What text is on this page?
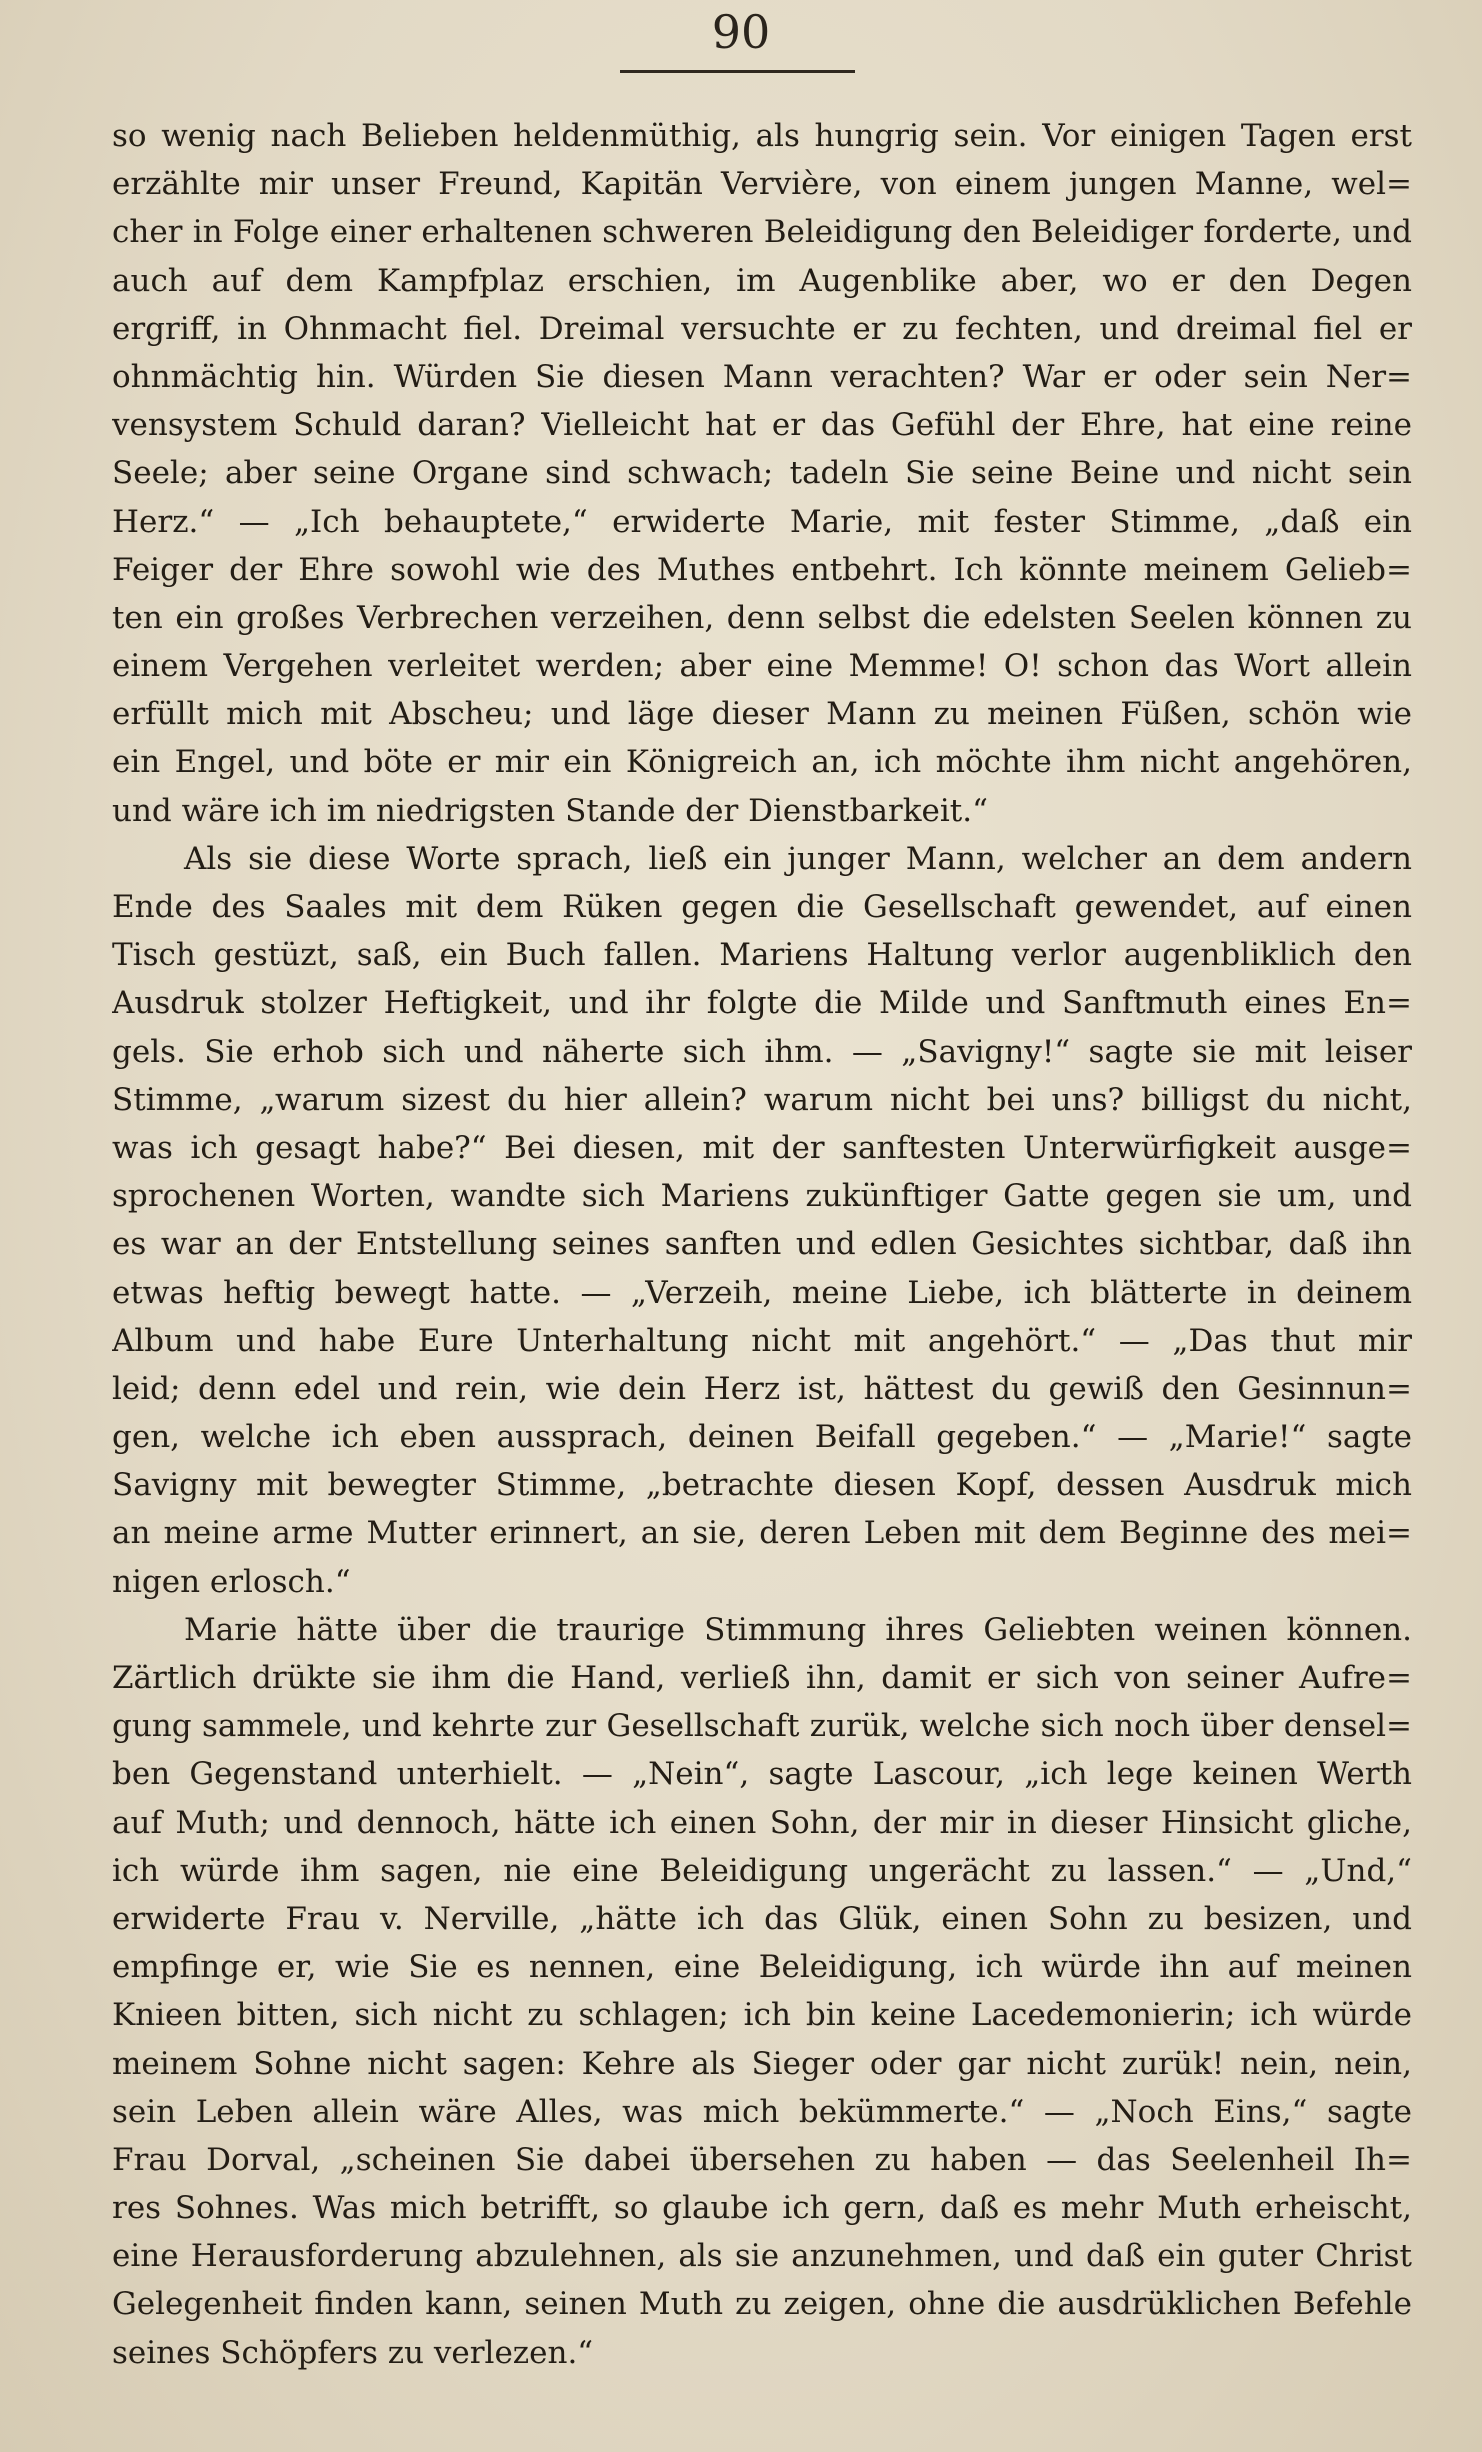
90
so wenig nach Belieben heldenmüthig, als hungrig sein. Vor einigen Tagen erst
erzählte mir unser Freund, Kapitän Vervière, von einem jungen Manne, wel=
cher in Folge einer erhaltenen schweren Beleidigung den Beleidiger forderte, und
auch auf dem Kampfplaz erschien, im Augenblike aber, wo er den Degen
ergriff, in Ohnmacht fiel. Dreimal versuchte er zu fechten, und dreimal fiel er
ohnmächtig hin. Würden Sie diesen Mann verachten? War er oder sein Ner=
vensystem Schuld daran? Vielleicht hat er das Gefühl der Ehre, hat eine reine
Seele; aber seine Organe sind schwach; tadeln Sie seine Beine und nicht sein
Herz.“ — „Ich behauptete,“ erwiderte Marie, mit fester Stimme, „daß ein
Feiger der Ehre sowohl wie des Muthes entbehrt. Ich könnte meinem Gelieb=
ten ein großes Verbrechen verzeihen, denn selbst die edelsten Seelen können zu
einem Vergehen verleitet werden; aber eine Memme! O! schon das Wort allein
erfüllt mich mit Abscheu; und läge dieser Mann zu meinen Füßen, schön wie
ein Engel, und böte er mir ein Königreich an, ich möchte ihm nicht angehören,
und wäre ich im niedrigsten Stande der Dienstbarkeit.“
Als sie diese Worte sprach, ließ ein junger Mann, welcher an dem andern
Ende des Saales mit dem Rüken gegen die Gesellschaft gewendet, auf einen
Tisch gestüzt, saß, ein Buch fallen. Mariens Haltung verlor augenbliklich den
Ausdruk stolzer Heftigkeit, und ihr folgte die Milde und Sanftmuth eines En=
gels. Sie erhob sich und näherte sich ihm. — „Savigny!“ sagte sie mit leiser
Stimme, „warum sizest du hier allein? warum nicht bei uns? billigst du nicht,
was ich gesagt habe?“ Bei diesen, mit der sanftesten Unterwürfigkeit ausge=
sprochenen Worten, wandte sich Mariens zukünftiger Gatte gegen sie um, und
es war an der Entstellung seines sanften und edlen Gesichtes sichtbar, daß ihn
etwas heftig bewegt hatte. — „Verzeih, meine Liebe, ich blätterte in deinem
Album und habe Eure Unterhaltung nicht mit angehört.“ — „Das thut mir
leid; denn edel und rein, wie dein Herz ist, hättest du gewiß den Gesinnun=
gen, welche ich eben aussprach, deinen Beifall gegeben.“ — „Marie!“ sagte
Savigny mit bewegter Stimme, „betrachte diesen Kopf, dessen Ausdruk mich
an meine arme Mutter erinnert, an sie, deren Leben mit dem Beginne des mei=
nigen erlosch.“
Marie hätte über die traurige Stimmung ihres Geliebten weinen können.
Zärtlich drükte sie ihm die Hand, verließ ihn, damit er sich von seiner Aufre=
gung sammele, und kehrte zur Gesellschaft zurük, welche sich noch über densel=
ben Gegenstand unterhielt. — „Nein“, sagte Lascour, „ich lege keinen Werth
auf Muth; und dennoch, hätte ich einen Sohn, der mir in dieser Hinsicht gliche,
ich würde ihm sagen, nie eine Beleidigung ungerächt zu lassen.“ — „Und,“
erwiderte Frau v. Nerville, „hätte ich das Glük, einen Sohn zu besizen, und
empfinge er, wie Sie es nennen, eine Beleidigung, ich würde ihn auf meinen
Knieen bitten, sich nicht zu schlagen; ich bin keine Lacedemonierin; ich würde
meinem Sohne nicht sagen: Kehre als Sieger oder gar nicht zurük! nein, nein,
sein Leben allein wäre Alles, was mich bekümmerte.“ — „Noch Eins,“ sagte
Frau Dorval, „scheinen Sie dabei übersehen zu haben — das Seelenheil Ih=
res Sohnes. Was mich betrifft, so glaube ich gern, daß es mehr Muth erheischt,
eine Herausforderung abzulehnen, als sie anzunehmen, und daß ein guter Christ
Gelegenheit finden kann, seinen Muth zu zeigen, ohne die ausdrüklichen Befehle
seines Schöpfers zu verlezen.“
